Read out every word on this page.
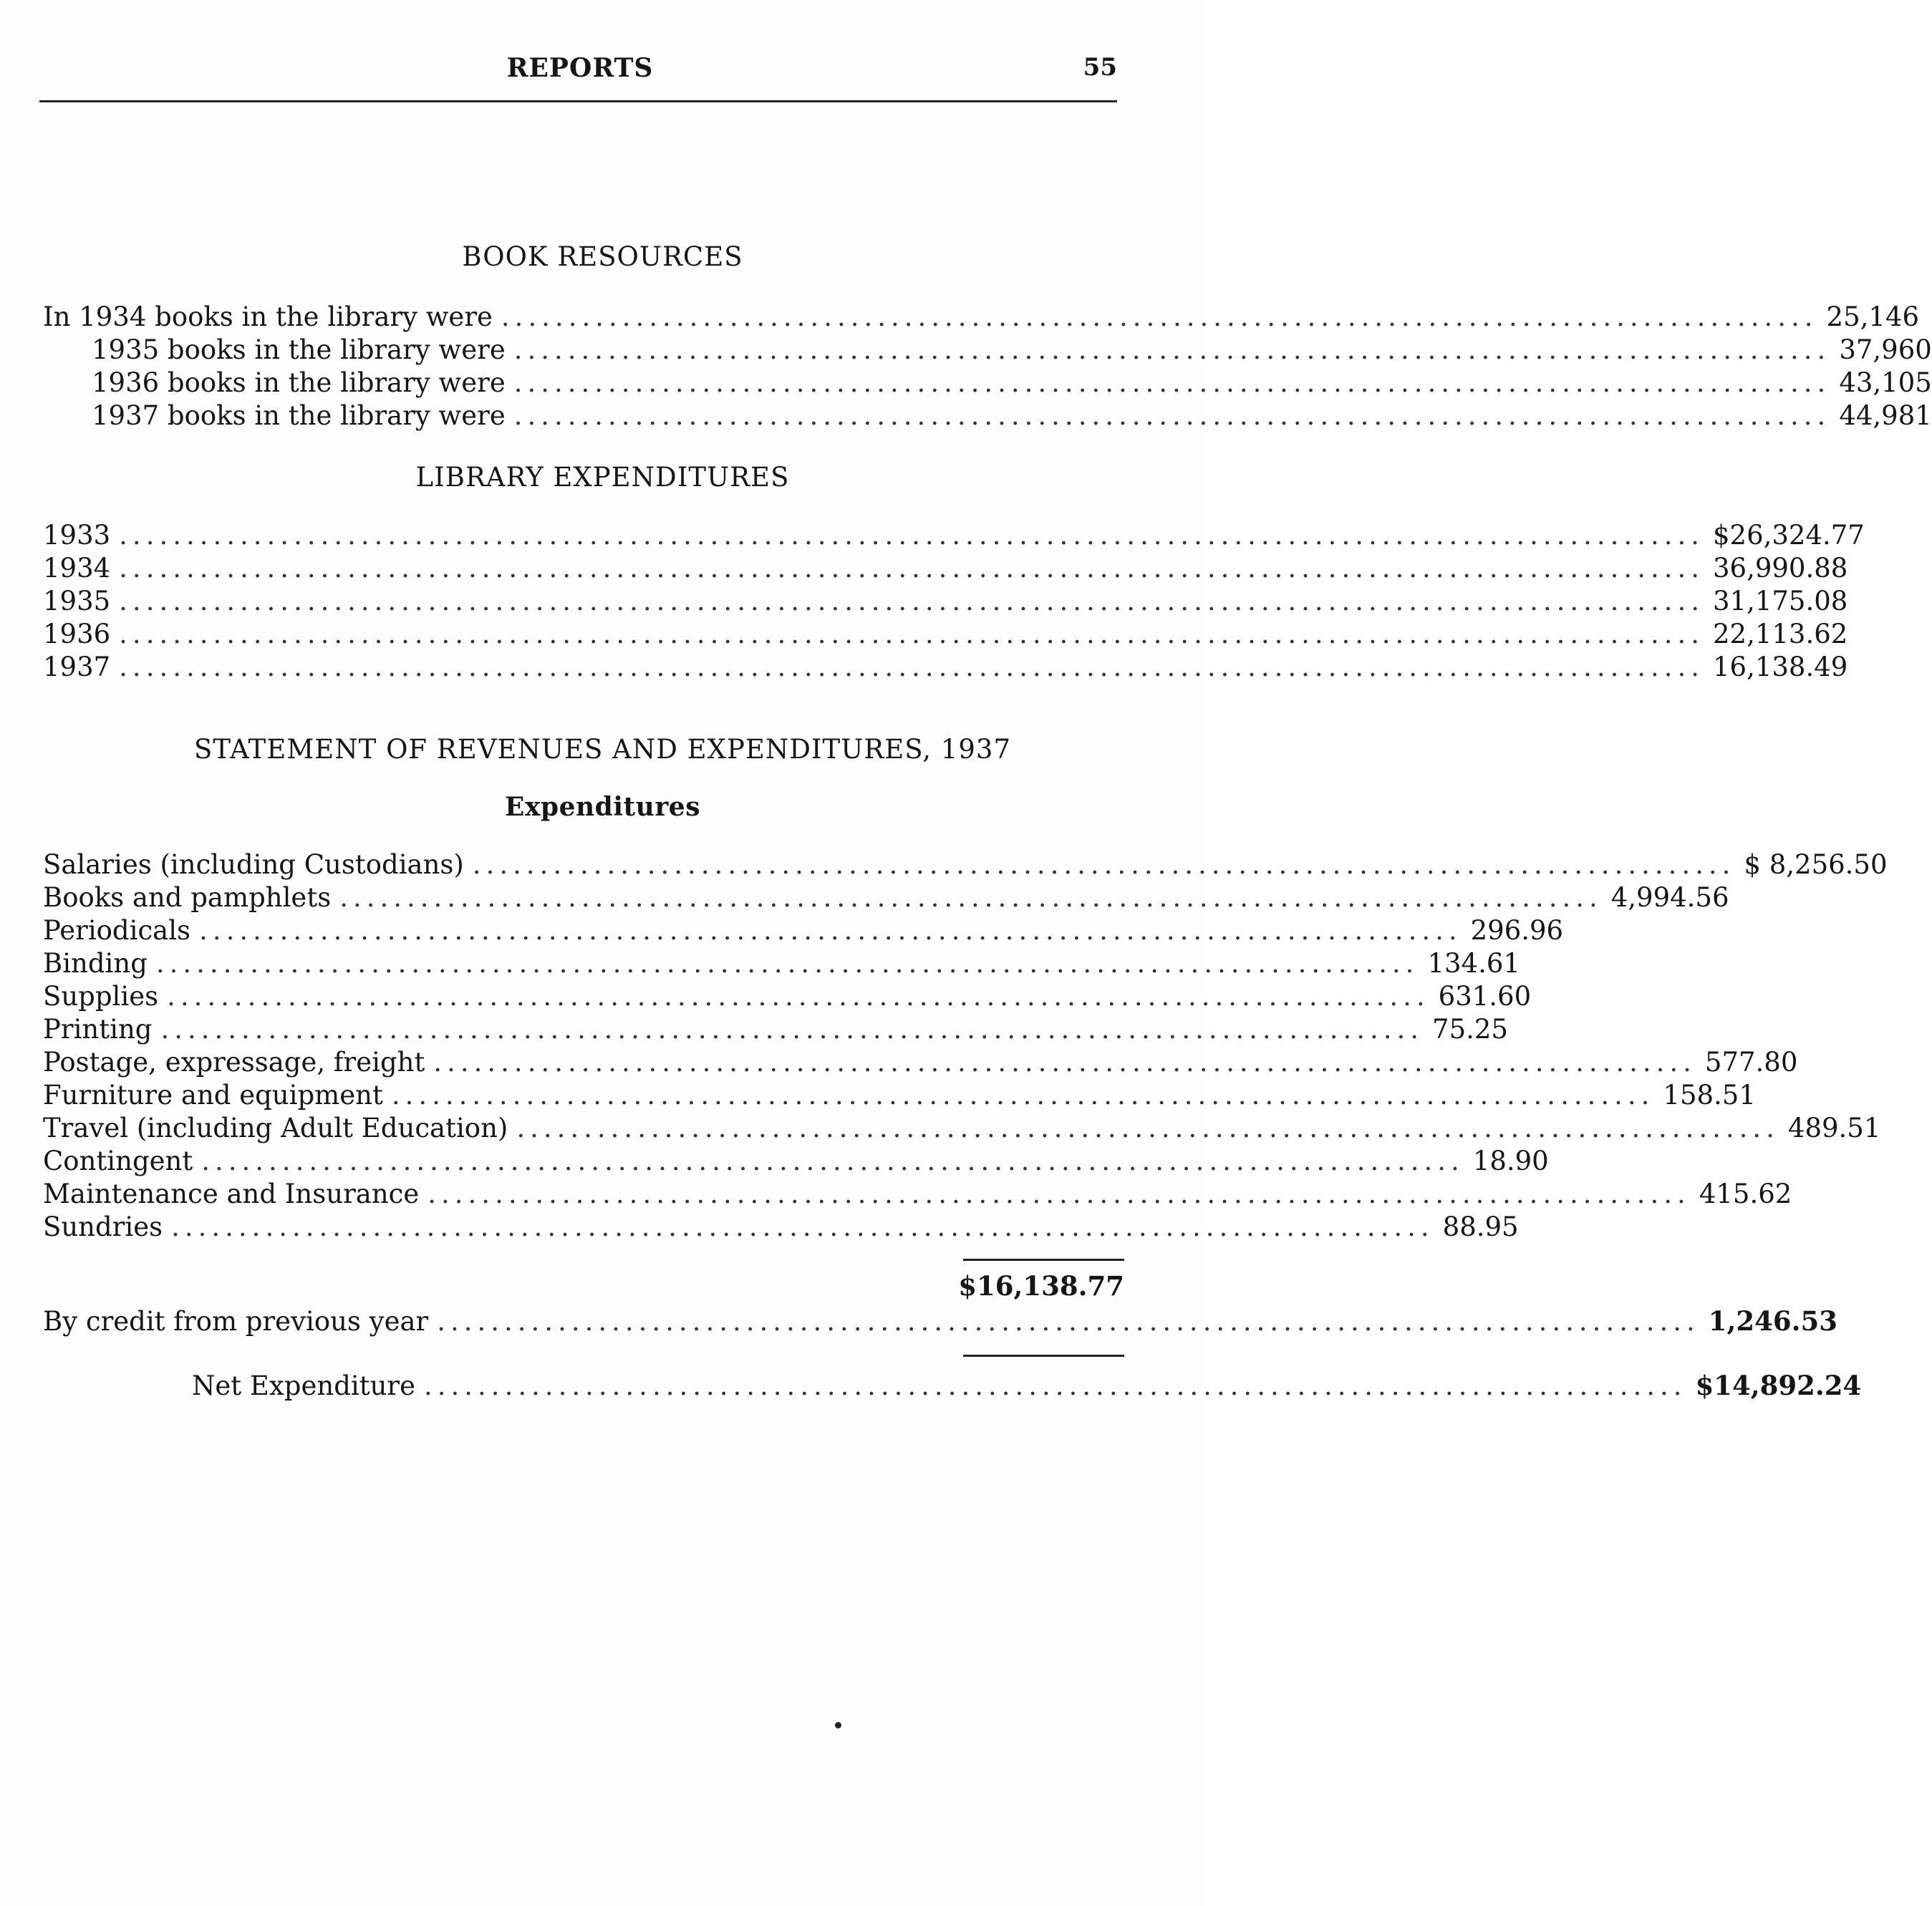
REPORTS	55
BOOK RESOURCES
In 1934 books in the library were .................................................................................................. 25,146
1935 books in the library were .................................................................................................. 37,960
1936 books in the library were .................................................................................................. 43,105
1937 books in the library were .................................................................................................. 44,981
LIBRARY EXPENDITURES
1933 ...................................................................................................................... $26,324.77
1934 ...................................................................................................................... 36,990.88
1935 ...................................................................................................................... 31,175.08
1936 ...................................................................................................................... 22,113.62
1937 ...................................................................................................................... 16,138.49
STATEMENT OF REVENUES AND EXPENDITURES, 1937
Expenditures
Salaries (including Custodians) .............................................................................................. $ 8,256.50
Books and pamphlets .............................................................................................. 4,994.56
Periodicals .............................................................................................. 296.96
Binding .............................................................................................. 134.61
Supplies .............................................................................................. 631.60
Printing .............................................................................................. 75.25
Postage, expressage, freight .............................................................................................. 577.80
Furniture and equipment .............................................................................................. 158.51
Travel (including Adult Education) .............................................................................................. 489.51
Contingent .............................................................................................. 18.90
Maintenance and Insurance .............................................................................................. 415.62
Sundries .............................................................................................. 88.95
$16,138.77
By credit from previous year .............................................................................................. 1,246.53
Net Expenditure .............................................................................................. $14,892.24
